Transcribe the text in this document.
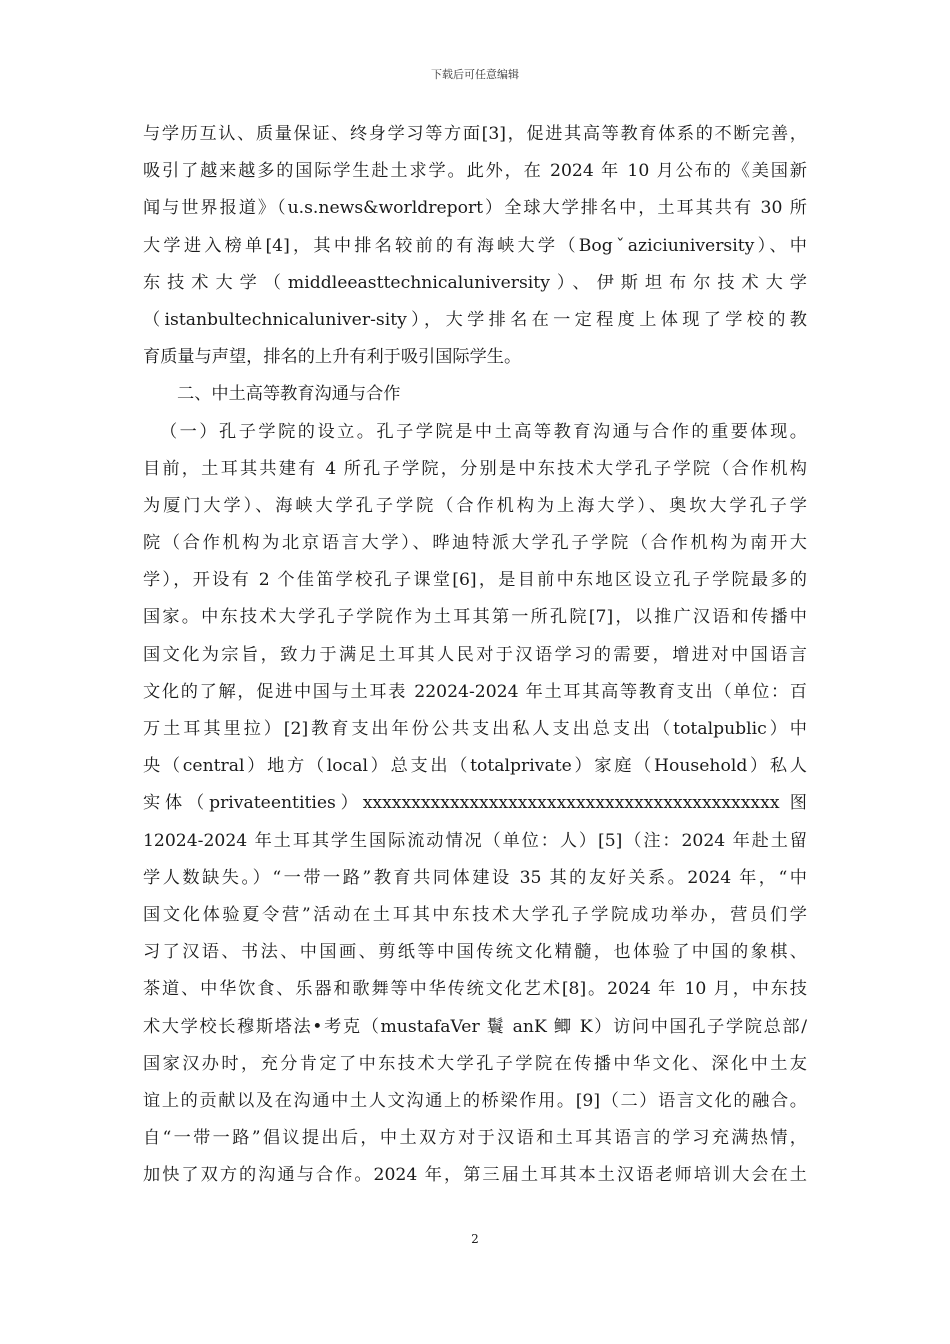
下载后可任意编辑
与学历互认、质量保证、终身学习等方面[3]，促进其高等教育体系的不断完善，
吸引了越来越多的国际学生赴土求学。此外，在 2024 年 10 月公布的《美国新
闻与世界报道》（u.s.news&worldreport）全球大学排名中，土耳其共有 30 所
大学进入榜单[4]，其中排名较前的有海峡大学（Bogˇaziciuniversity）、中
东技术大学（middleeasttechnicaluniversity）、伊斯坦布尔技术大学
（istanbultechnicaluniver-sity），大学排名在一定程度上体现了学校的教
育质量与声望，排名的上升有利于吸引国际学生。
二、中土高等教育沟通与合作
（一）孔子学院的设立。孔子学院是中土高等教育沟通与合作的重要体现。
目前，土耳其共建有 4 所孔子学院，分别是中东技术大学孔子学院（合作机构
为厦门大学）、海峡大学孔子学院（合作机构为上海大学）、奥坎大学孔子学
院（合作机构为北京语言大学）、晔迪特派大学孔子学院（合作机构为南开大
学），开设有 2 个佳笛学校孔子课堂[6]，是目前中东地区设立孔子学院最多的
国家。中东技术大学孔子学院作为土耳其第一所孔院[7]，以推广汉语和传播中
国文化为宗旨，致力于满足土耳其人民对于汉语学习的需要，增进对中国语言
文化的了解，促进中国与土耳表 22024-2024 年土耳其高等教育支出（单位：百
万土耳其里拉）[2]教育支出年份公共支出私人支出总支出（totalpublic）中
央（central）地方（local）总支出（totalprivate）家庭（Household）私人
实体（privateentities）xxxxxxxxxxxxxxxxxxxxxxxxxxxxxxxxxxxxxxxxxxx 图
12024-2024 年土耳其学生国际流动情况（单位：人）[5]（注：2024 年赴土留
学人数缺失。）“一带一路”教育共同体建设 35 其的友好关系。2024 年，“中
国文化体验夏令营”活动在土耳其中东技术大学孔子学院成功举办，营员们学
习了汉语、书法、中国画、剪纸等中国传统文化精髓，也体验了中国的象棋、
茶道、中华饮食、乐器和歌舞等中华传统文化艺术[8]。2024 年 10 月，中东技
术大学校长穆斯塔法•考克（mustafaVer 鬟 anK 鲫 K）访问中国孔子学院总部/
国家汉办时，充分肯定了中东技术大学孔子学院在传播中华文化、深化中土友
谊上的贡献以及在沟通中土人文沟通上的桥梁作用。[9]（二）语言文化的融合。
自“一带一路”倡议提出后，中土双方对于汉语和土耳其语言的学习充满热情，
加快了双方的沟通与合作。2024 年，第三届土耳其本土汉语老师培训大会在土
2
